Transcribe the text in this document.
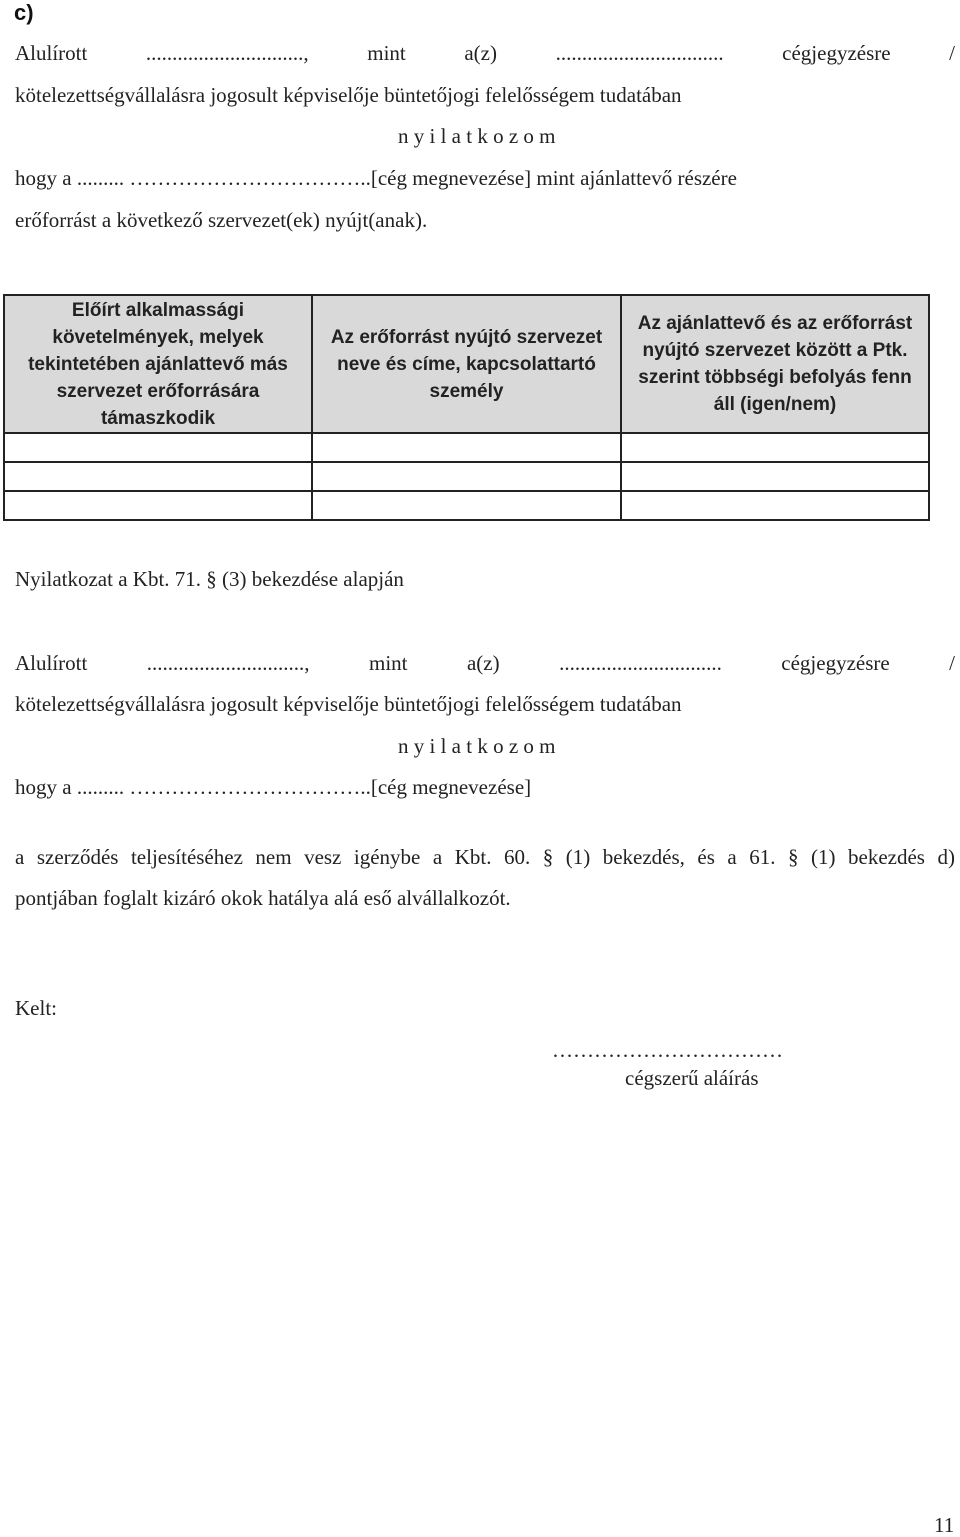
c)
Alulírott	..............................,	mint	a(z)	................................	cégjegyzésre	/
kötelezettségvállalásra jogosult képviselője büntetőjogi felelősségem tudatában
n y i l a t k o z o m
hogy a ......... ……………………………..[cég megnevezése] mint ajánlattevő részére
erőforrást a következő szervezet(ek) nyújt(anak).
Előírt alkalmassági követelmények, melyek tekintetében ajánlattevő más szervezet erőforrására támaszkodik	Az erőforrást nyújtó szervezet neve és címe, kapcsolattartó személy	Az ajánlattevő és az erőforrást nyújtó szervezet között a Ptk. szerint többségi befolyás fenn áll (igen/nem)

Nyilatkozat a Kbt. 71. § (3) bekezdése alapján
Alulírott	..............................,	mint	a(z)	...............................	cégjegyzésre	/
kötelezettségvállalásra jogosult képviselője büntetőjogi felelősségem tudatában
n y i l a t k o z o m
hogy a ......... ……………………………..[cég megnevezése]
a szerződés teljesítéséhez nem vesz igénybe a Kbt. 60. § (1) bekezdés, és a 61. § (1) bekezdés d)
pontjában foglalt kizáró okok hatálya alá eső alvállalkozót.
Kelt:
……………………………
cégszerű aláírás
11
